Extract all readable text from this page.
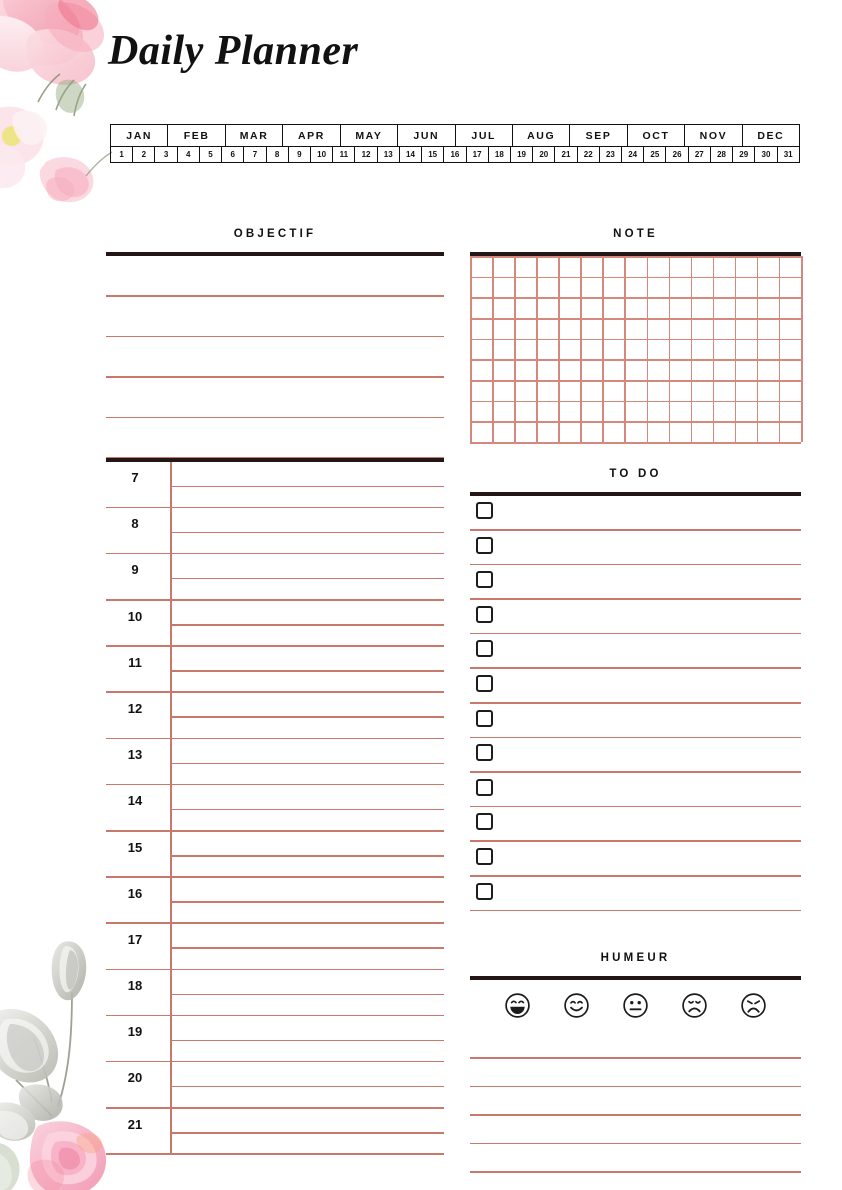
Daily Planner
JAN	FEB	MAR	APR	MAY	JUN	JUL	AUG	SEP	OCT	NOV	DEC
1	2	3	4	5	6	7	8	9	10	11	12	13	14	15	16	17	18	19	20	21	22	23	24	25	26	27	28	29	30	31
OBJECTIF	NOTE
7
8
9
10
11
12
13
14
15
16
17
18
19
20
21
TO DO
HUMEUR
